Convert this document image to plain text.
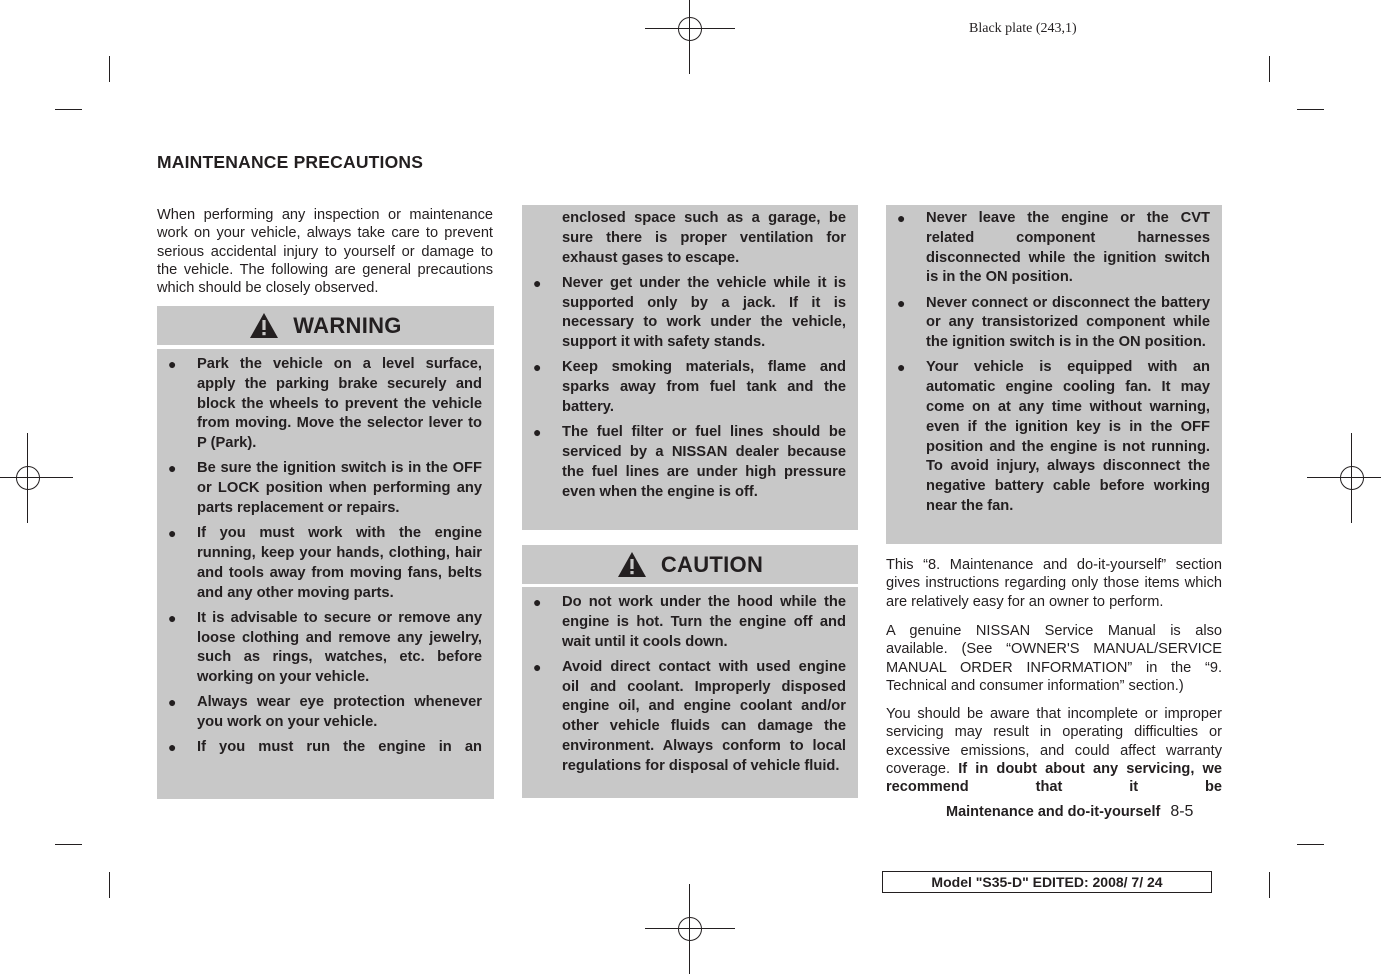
Black plate (243,1)
MAINTENANCE PRECAUTIONS

When performing any inspection or maintenance work on your vehicle, always take care to prevent serious accidental injury to yourself or damage to the vehicle. The following are general precautions which should be closely observed.

WARNING
● Park the vehicle on a level surface, apply the parking brake securely and block the wheels to prevent the vehicle from moving. Move the selector lever to P (Park).
● Be sure the ignition switch is in the OFF or LOCK position when performing any parts replacement or repairs.
● If you must work with the engine running, keep your hands, clothing, hair and tools away from moving fans, belts and any other moving parts.
● It is advisable to secure or remove any loose clothing and remove any jewelry, such as rings, watches, etc. before working on your vehicle.
● Always wear eye protection whenever you work on your vehicle.
● If you must run the engine in an
enclosed space such as a garage, be sure there is proper ventilation for exhaust gases to escape.
● Never get under the vehicle while it is supported only by a jack. If it is necessary to work under the vehicle, support it with safety stands.
● Keep smoking materials, flame and sparks away from fuel tank and the battery.
● The fuel filter or fuel lines should be serviced by a NISSAN dealer because the fuel lines are under high pressure even when the engine is off.
CAUTION
● Do not work under the hood while the engine is hot. Turn the engine off and wait until it cools down.
● Avoid direct contact with used engine oil and coolant. Improperly disposed engine oil, and engine coolant and/or other vehicle fluids can damage the environment. Always conform to local regulations for disposal of vehicle fluid.
● Never leave the engine or the CVT related component harnesses disconnected while the ignition switch is in the ON position.
● Never connect or disconnect the battery or any transistorized component while the ignition switch is in the ON position.
● Your vehicle is equipped with an automatic engine cooling fan. It may come on at any time without warning, even if the ignition key is in the OFF position and the engine is not running. To avoid injury, always disconnect the negative battery cable before working near the fan.

This “8. Maintenance and do-it-yourself” section gives instructions regarding only those items which are relatively easy for an owner to perform.

A genuine NISSAN Service Manual is also available. (See “OWNER'S MANUAL/SERVICE MANUAL ORDER INFORMATION” in the “9. Technical and consumer information” section.)

You should be aware that incomplete or improper servicing may result in operating difficulties or excessive emissions, and could affect warranty coverage. If in doubt about any servicing, we recommend that it be

Maintenance and do-it-yourself 8-5
Model "S35-D" EDITED: 2008/ 7/ 24
